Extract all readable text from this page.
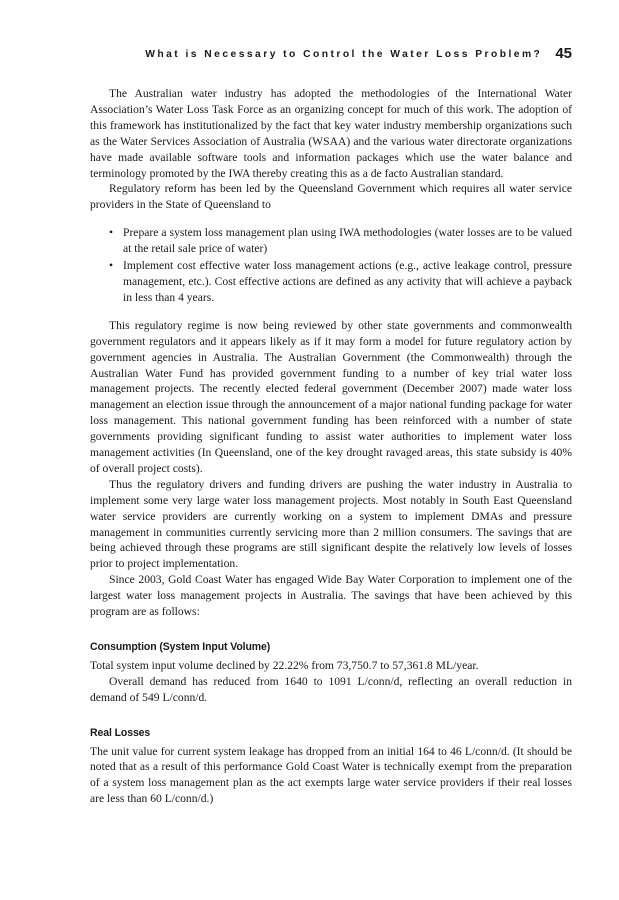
What is Necessary to Control the Water Loss Problem? 45

The Australian water industry has adopted the methodologies of the International Water Association’s Water Loss Task Force as an organizing concept for much of this work. The adoption of this framework has institutionalized by the fact that key water industry membership organizations such as the Water Services Association of Australia (WSAA) and the various water directorate organizations have made available software tools and information packages which use the water balance and terminology promoted by the IWA thereby creating this as a de facto Australian standard.

Regulatory reform has been led by the Queensland Government which requires all water service providers in the State of Queensland to

• Prepare a system loss management plan using IWA methodologies (water losses are to be valued at the retail sale price of water)
• Implement cost effective water loss management actions (e.g., active leakage control, pressure management, etc.). Cost effective actions are defined as any activity that will achieve a payback in less than 4 years.

This regulatory regime is now being reviewed by other state governments and commonwealth government regulators and it appears likely as if it may form a model for future regulatory action by government agencies in Australia. The Australian Government (the Commonwealth) through the Australian Water Fund has provided government funding to a number of key trial water loss management projects. The recently elected federal government (December 2007) made water loss management an election issue through the announcement of a major national funding package for water loss management. This national government funding has been reinforced with a number of state governments providing significant funding to assist water authorities to implement water loss management activities (In Queensland, one of the key drought ravaged areas, this state subsidy is 40% of overall project costs).

Thus the regulatory drivers and funding drivers are pushing the water industry in Australia to implement some very large water loss management projects. Most notably in South East Queensland water service providers are currently working on a system to implement DMAs and pressure management in communities currently servicing more than 2 million consumers. The savings that are being achieved through these programs are still significant despite the relatively low levels of losses prior to project implementation.

Since 2003, Gold Coast Water has engaged Wide Bay Water Corporation to implement one of the largest water loss management projects in Australia. The savings that have been achieved by this program are as follows:

Consumption (System Input Volume)

Total system input volume declined by 22.22% from 73,750.7 to 57,361.8 ML/year.

Overall demand has reduced from 1640 to 1091 L/conn/d, reflecting an overall reduction in demand of 549 L/conn/d.

Real Losses

The unit value for current system leakage has dropped from an initial 164 to 46 L/conn/d. (It should be noted that as a result of this performance Gold Coast Water is technically exempt from the preparation of a system loss management plan as the act exempts large water service providers if their real losses are less than 60 L/conn/d.)
